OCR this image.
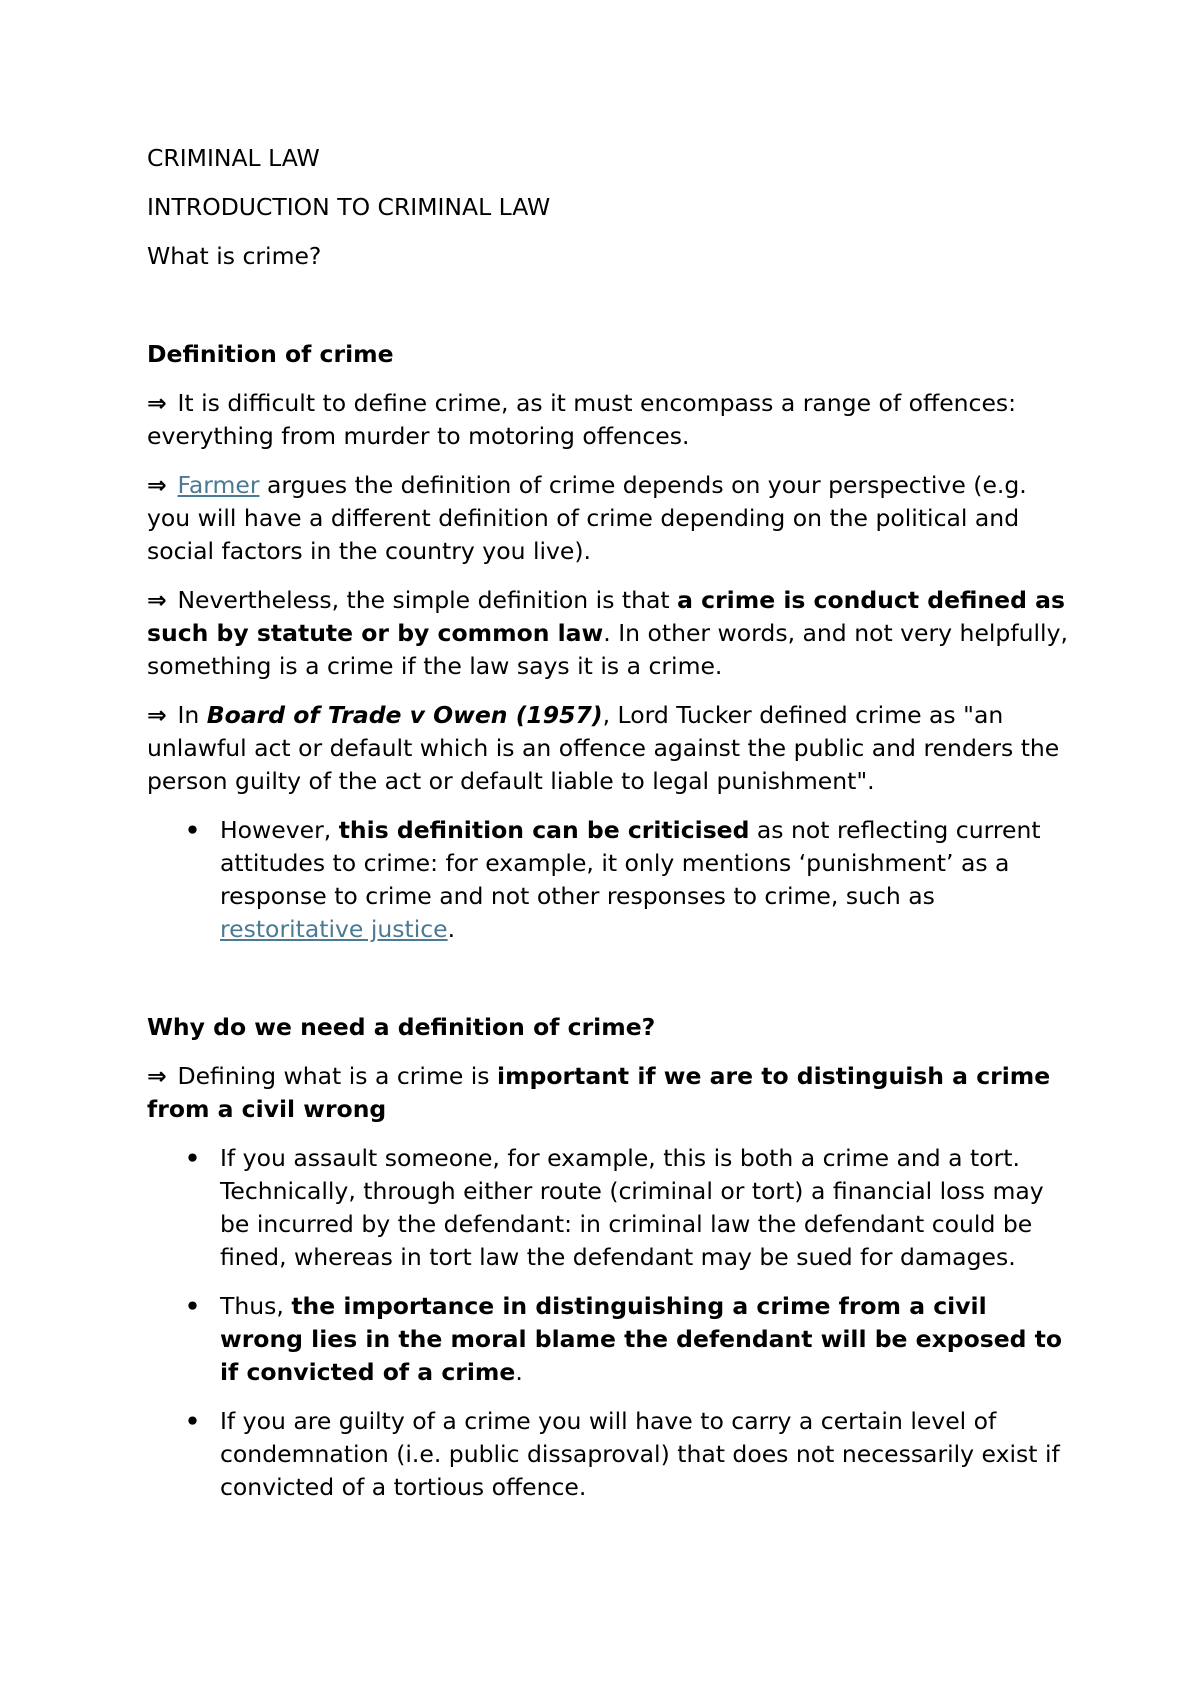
CRIMINAL LAW

INTRODUCTION TO CRIMINAL LAW

What is crime?

Definition of crime

⇒ It is difficult to define crime, as it must encompass a range of offences: everything from murder to motoring offences.

⇒ Farmer argues the definition of crime depends on your perspective (e.g. you will have a different definition of crime depending on the political and social factors in the country you live).

⇒ Nevertheless, the simple definition is that a crime is conduct defined as such by statute or by common law. In other words, and not very helpfully, something is a crime if the law says it is a crime.

⇒ In Board of Trade v Owen (1957), Lord Tucker defined crime as "an unlawful act or default which is an offence against the public and renders the person guilty of the act or default liable to legal punishment".

• However, this definition can be criticised as not reflecting current attitudes to crime: for example, it only mentions ‘punishment’ as a response to crime and not other responses to crime, such as restoritative justice.

Why do we need a definition of crime?

⇒ Defining what is a crime is important if we are to distinguish a crime from a civil wrong

• If you assault someone, for example, this is both a crime and a tort. Technically, through either route (criminal or tort) a financial loss may be incurred by the defendant: in criminal law the defendant could be fined, whereas in tort law the defendant may be sued for damages.
• Thus, the importance in distinguishing a crime from a civil wrong lies in the moral blame the defendant will be exposed to if convicted of a crime.
• If you are guilty of a crime you will have to carry a certain level of condemnation (i.e. public dissaproval) that does not necessarily exist if convicted of a tortious offence.
